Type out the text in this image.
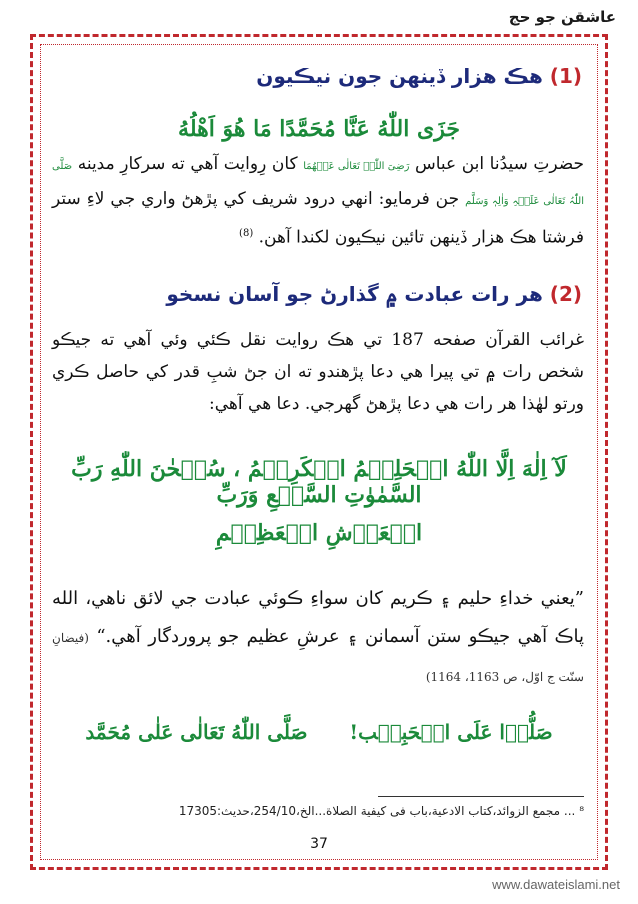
عاشقن جو حج
(1) هڪ هزار ڏينهن جون نيڪيون
جَزَى اللّٰهُ عَنَّا مُحَمَّدًا مَا هُوَ اَهْلُهُ
حضرتِ سيدُنا ابن عباس رَضِیَ اللّٰہُ تَعَالٰی عَنۡھُمَا کان رِوايت آهي ته سرکارِ مدينه صَلَّی اللّٰہُ تَعَالٰی عَلَیۡہِ وَاٰلِہٖ وَسَلَّم جن فرمايو: انهي درود شريف کي پڙهڻ واري جي لاءِ ستر فرشتا هڪ هزار ڏينهن تائين نيڪيون لکندا آهن. $^{(8)}$
(2) هر رات عبادت ۾ گذارڻ جو آسان نسخو
غرائب القرآن صفحه 187 تي هڪ روايت نقل ڪئي وئي آهي ته جيڪو شخص رات ۾ تي پيرا هي دعا پڙهندو ته ان جڻ شبِ قدر کي حاصل ڪري ورتو لهٰذا هر رات هي دعا پڙهڻ گهرجي. دعا هي آهي:
لَآ اِلٰهَ اِلَّا اللّٰهُ الۡحَلِيۡمُ الۡكَرِيۡمُ ، سُبۡحٰنَ اللّٰهِ رَبِّ السَّمٰوٰتِ السَّبۡعِ وَرَبِّ
الۡعَرۡشِ الۡعَظِيۡمِ
”يعني خداءِ حليم ۽ ڪريم کان سواءِ ڪوئي عبادت جي لائق ناهي، الله پاڪ آهي جيڪو ستن آسمانن ۽ عرشِ عظيم جو پروردگار آهي.“ (فيضانِ سنّت ج اوّل، ص 1163، 1164)
صَلُّوۡا عَلَى الۡحَبِيۡب!      صَلَّى اللّٰهُ تَعَالٰى عَلٰى مُحَمَّد
⁸ ... مجمع الزوائد،کتاب الادعية،باب فی كيفية الصلاة...الخ،254/10،حديث:17305
37
www.dawateislami.net
